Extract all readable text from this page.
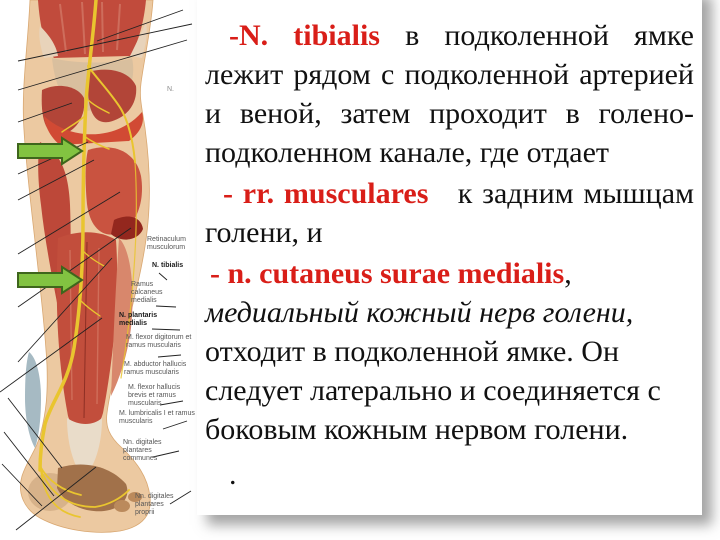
N.
Retinaculum musculorum
N. tibialis
Ramus calcaneus medialis
N. plantaris medialis
M. flexor digitorum et ramus muscularis
M. abductor hallucis ramus muscularis
M. flexor hallucis brevis et ramus muscularis
M. lumbricalis I et ramus muscularis
Nn. digitales plantares communes
Nn. digitales plantares proprii

-N. tibialis в подколенной ямке лежит рядом с подколенной артерией и веной, затем проходит в голено-подколенном канале, где отдает

- rr. musculares   к задним мышцам голени, и

- n. cutaneus surae medialis, медиальный кожный нерв голени, отходит в подколенной ямке. Он следует латерально и соединяется с боковым кожным нервом голени.

.
